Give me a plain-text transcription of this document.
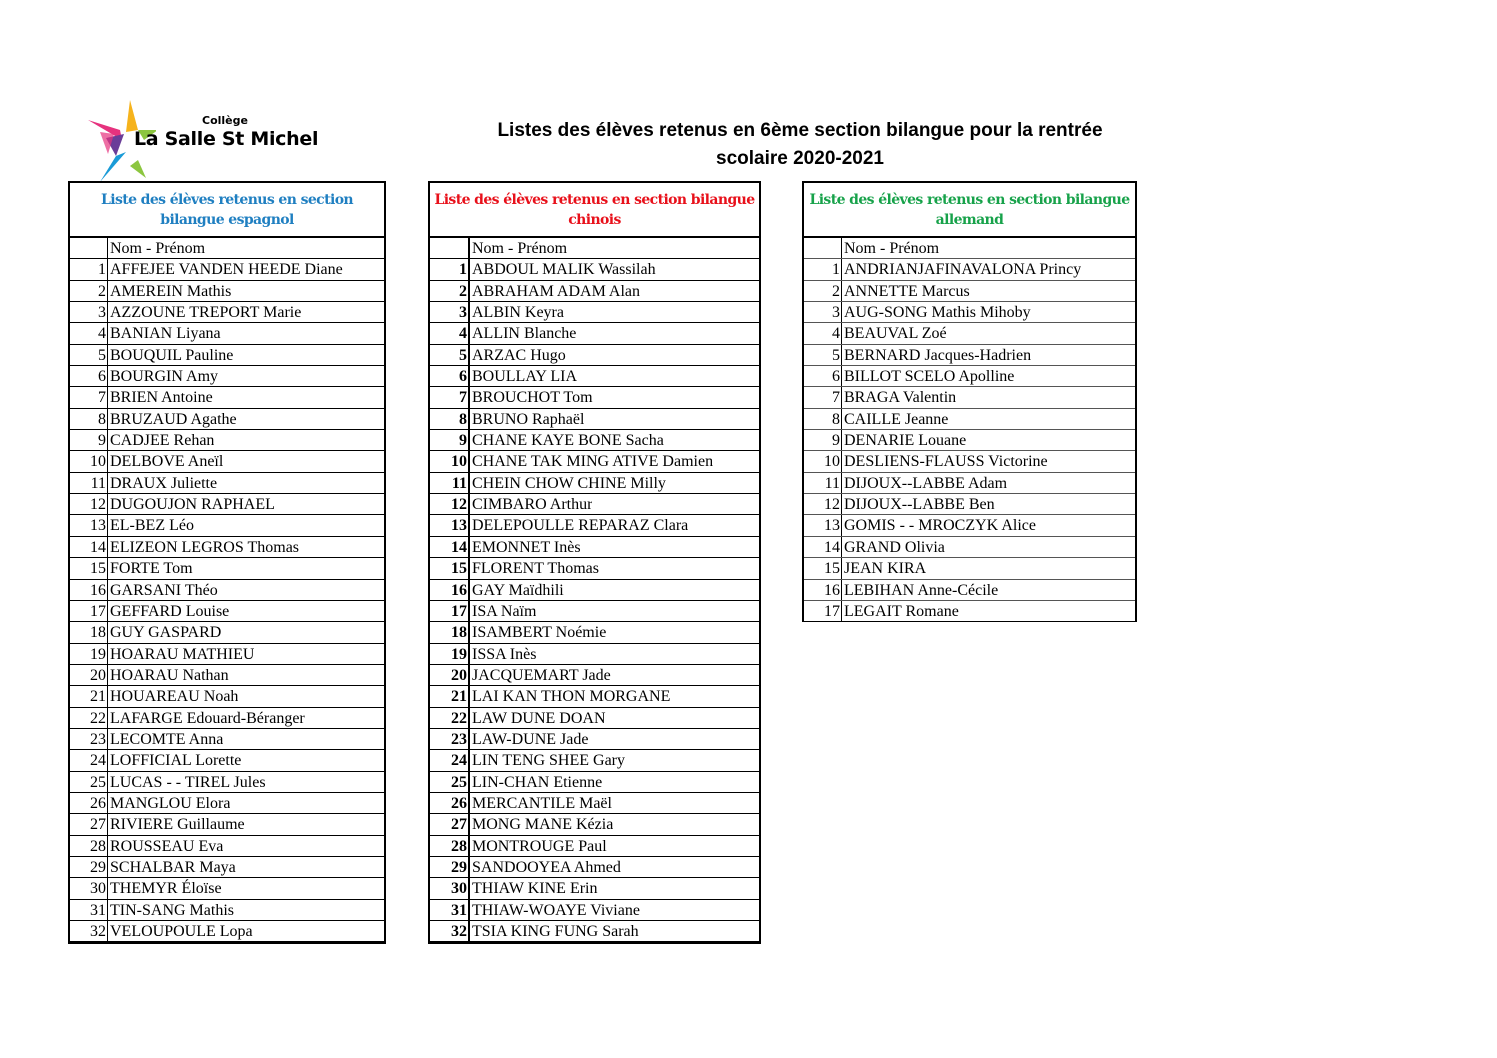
Collège
La Salle St Michel	Listes des élèves retenus en 6ème section bilangue pour la rentrée
scolaire 2020-2021
Liste des élèves retenus en section bilangue espagnol
Nom - Prénom
1 AFFEJEE VANDEN HEEDE Diane
2 AMEREIN Mathis
3 AZZOUNE TREPORT Marie
4 BANIAN Liyana
5 BOUQUIL Pauline
6 BOURGIN Amy
7 BRIEN Antoine
8 BRUZAUD Agathe
9 CADJEE Rehan
10 DELBOVE Aneïl
11 DRAUX Juliette
12 DUGOUJON RAPHAEL
13 EL-BEZ Léo
14 ELIZEON LEGROS Thomas
15 FORTE Tom
16 GARSANI Théo
17 GEFFARD Louise
18 GUY GASPARD
19 HOARAU MATHIEU
20 HOARAU Nathan
21 HOUAREAU Noah
22 LAFARGE Edouard-Béranger
23 LECOMTE Anna
24 LOFFICIAL Lorette
25 LUCAS - - TIREL Jules
26 MANGLOU Elora
27 RIVIERE Guillaume
28 ROUSSEAU Eva
29 SCHALBAR Maya
30 THEMYR Éloïse
31 TIN-SANG Mathis
32 VELOUPOULE Lopa
Liste des élèves retenus en section bilangue chinois
Nom - Prénom
1 ABDOUL MALIK Wassilah
2 ABRAHAM ADAM Alan
3 ALBIN Keyra
4 ALLIN Blanche
5 ARZAC Hugo
6 BOULLAY LIA
7 BROUCHOT Tom
8 BRUNO Raphaël
9 CHANE KAYE BONE Sacha
10 CHANE TAK MING ATIVE Damien
11 CHEIN CHOW CHINE Milly
12 CIMBARO Arthur
13 DELEPOULLE REPARAZ Clara
14 EMONNET Inès
15 FLORENT Thomas
16 GAY Maïdhili
17 ISA Naïm
18 ISAMBERT Noémie
19 ISSA Inès
20 JACQUEMART Jade
21 LAI KAN THON MORGANE
22 LAW DUNE DOAN
23 LAW-DUNE Jade
24 LIN TENG SHEE Gary
25 LIN-CHAN Etienne
26 MERCANTILE Maël
27 MONG MANE Kézia
28 MONTROUGE Paul
29 SANDOOYEA Ahmed
30 THIAW KINE Erin
31 THIAW-WOAYE Viviane
32 TSIA KING FUNG Sarah
Liste des élèves retenus en section bilangue allemand
Nom - Prénom
1 ANDRIANJAFINAVALONA Princy
2 ANNETTE Marcus
3 AUG-SONG Mathis Mihoby
4 BEAUVAL Zoé
5 BERNARD Jacques-Hadrien
6 BILLOT SCELO Apolline
7 BRAGA Valentin
8 CAILLE Jeanne
9 DENARIE Louane
10 DESLIENS-FLAUSS Victorine
11 DIJOUX--LABBE Adam
12 DIJOUX--LABBE Ben
13 GOMIS - - MROCZYK Alice
14 GRAND Olivia
15 JEAN KIRA
16 LEBIHAN Anne-Cécile
17 LEGAIT Romane
